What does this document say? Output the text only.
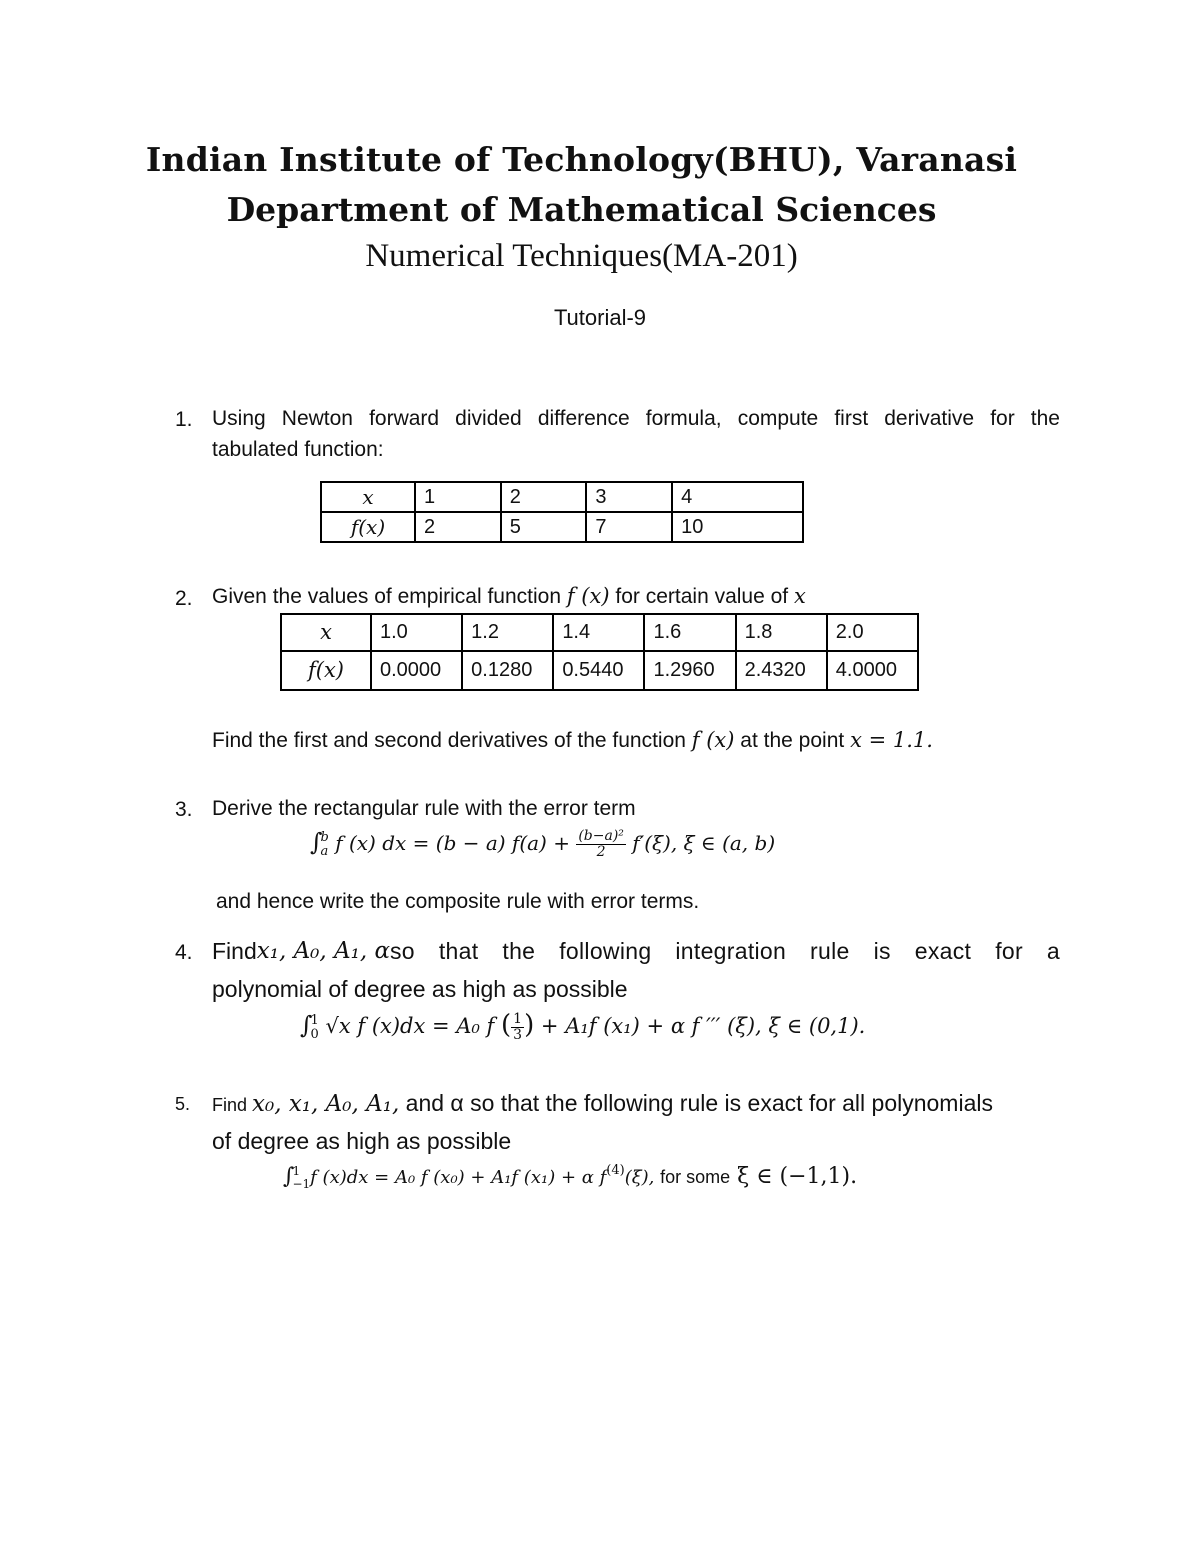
Indian Institute of Technology(BHU), Varanasi
Department of Mathematical Sciences
Numerical Techniques(MA-201)
Tutorial-9
1. Using Newton forward divided difference formula, compute first derivative for the
tabulated function:
x	1	2	3	4
f(x)	2	5	7	10
2. Given the values of empirical function f (x) for certain value of x
x	1.0	1.2	1.4	1.6	1.8	2.0
f(x)	0.0000	0.1280	0.5440	1.2960	2.4320	4.0000
Find the first and second derivatives of the function f (x) at the point x = 1.1.
3. Derive the rectangular rule with the error term
∫
b
a f (x) dx = (b − a) $f(a) + \frac{\text{(b−a)²}}{2} f'(\xi)$, ξ ∈ (a, b)
and hence write the composite rule with error terms.
4. Find x₁, A₀, A₁, α so that the following integration rule is exact for a
polynomial of degree as high as possible
∫
1
0 √x f (x)dx = A₀ f ( $\frac{1}{3}$ ) + A₁f (x₁) + α f ′′′ (ξ), ξ ∈ (0,1).
5. Find x₀, x₁, A₀, A₁, and α so that the following rule is exact for all polynomials
of degree as high as possible
∫
1
−1 f (x)dx = A₀ f (x₀) + A₁f (x₁) + α $f^{(4)}(\xi)$, for some ξ ∈ (−1,1).
